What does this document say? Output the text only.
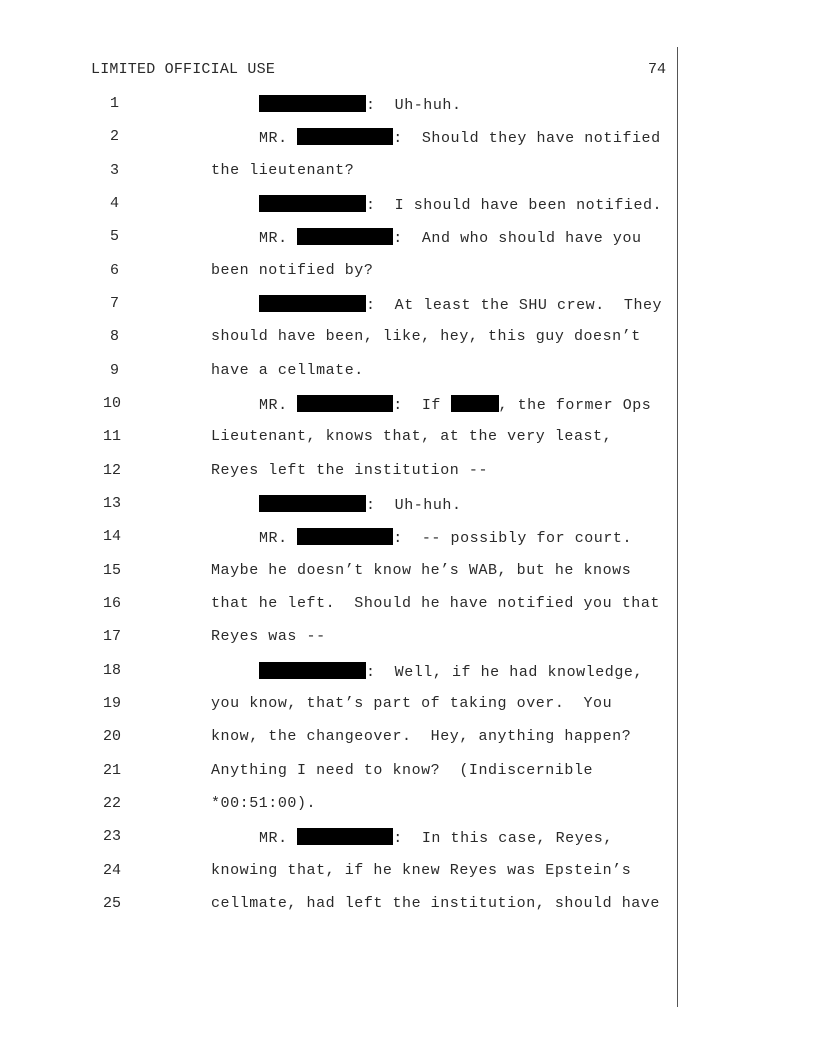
LIMITED OFFICIAL USE	74
1	:  Uh-huh.
2	MR.	:  Should they have notified
3	the lieutenant?
4	:  I should have been notified.
5	MR.	:  And who should have you
6	been notified by?
7	:  At least the SHU crew.  They
8	should have been, like, hey, this guy doesn’t
9	have a cellmate.
10	MR.	:  If	, the former Ops
11	Lieutenant, knows that, at the very least,
12	Reyes left the institution --
13	:  Uh-huh.
14	MR.	:  -- possibly for court.
15	Maybe he doesn’t know he’s WAB, but he knows
16	that he left.  Should he have notified you that
17	Reyes was --
18	:  Well, if he had knowledge,
19	you know, that’s part of taking over.  You
20	know, the changeover.  Hey, anything happen?
21	Anything I need to know?  (Indiscernible
22	*00:51:00).
23	MR.	:  In this case, Reyes,
24	knowing that, if he knew Reyes was Epstein’s
25	cellmate, had left the institution, should have
